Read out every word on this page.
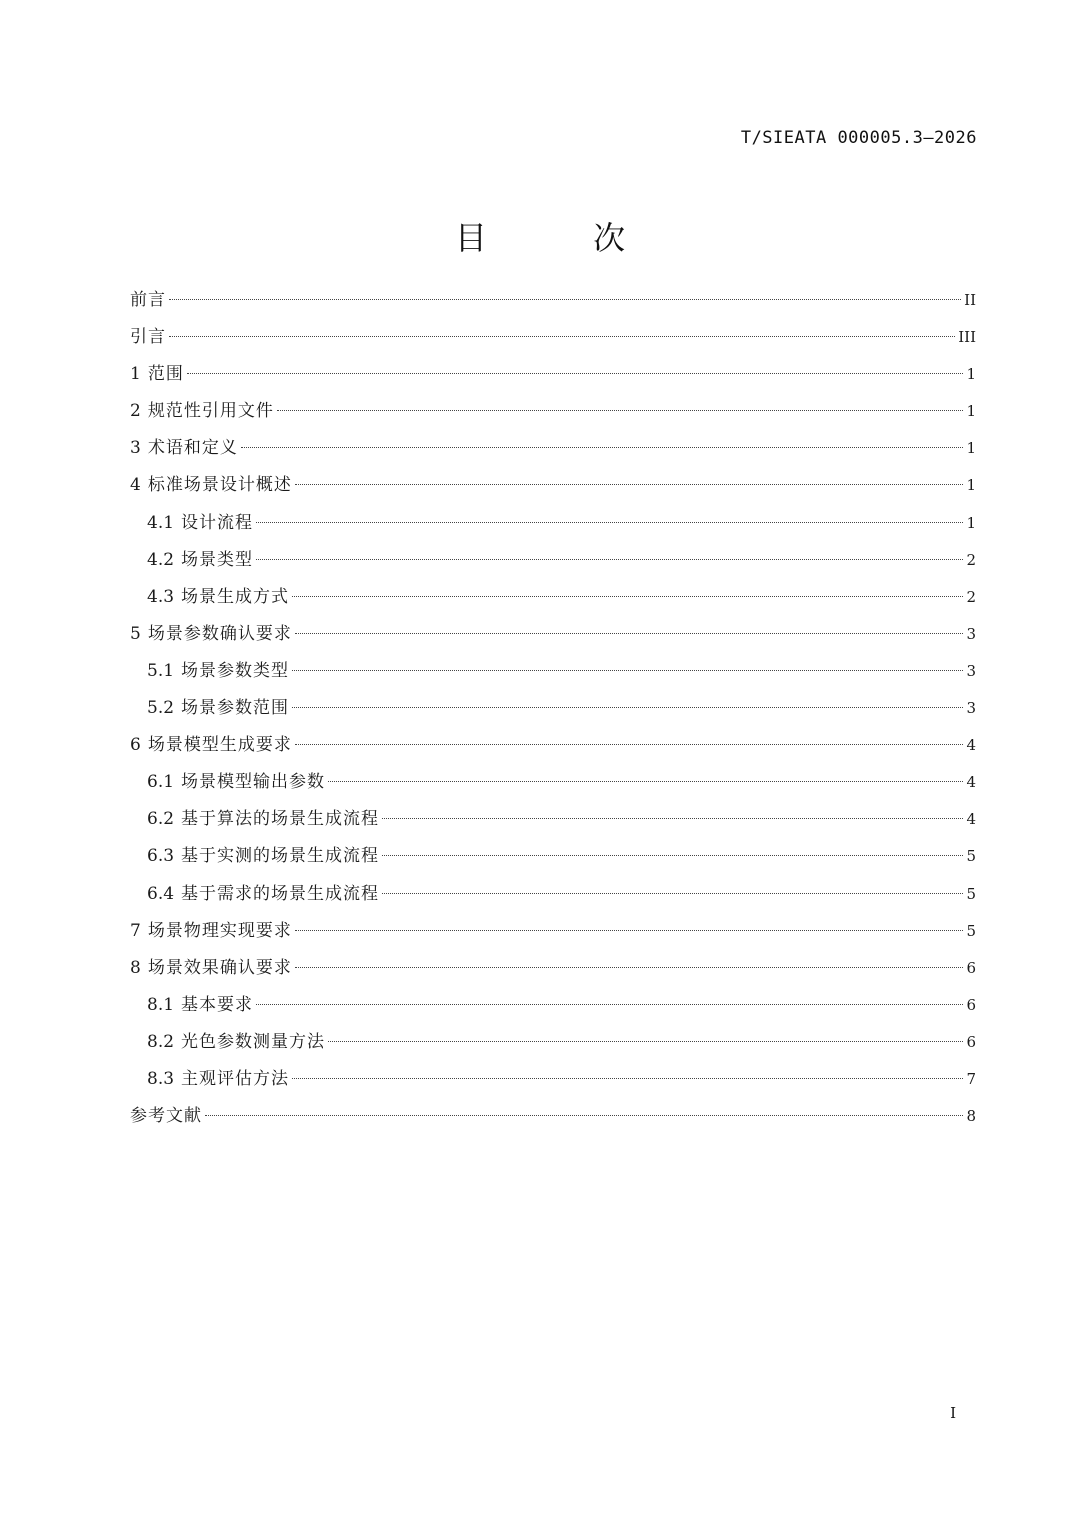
T/SIEATA 000005.3—2026
目 次
前言	II
引言	III
1 范围	1
2 规范性引用文件	1
3 术语和定义	1
4 标准场景设计概述	1
4.1 设计流程	1
4.2 场景类型	2
4.3 场景生成方式	2
5 场景参数确认要求	3
5.1 场景参数类型	3
5.2 场景参数范围	3
6 场景模型生成要求	4
6.1 场景模型输出参数	4
6.2 基于算法的场景生成流程	4
6.3 基于实测的场景生成流程	5
6.4 基于需求的场景生成流程	5
7 场景物理实现要求	5
8 场景效果确认要求	6
8.1 基本要求	6
8.2 光色参数测量方法	6
8.3 主观评估方法	7
参考文献	8
I
